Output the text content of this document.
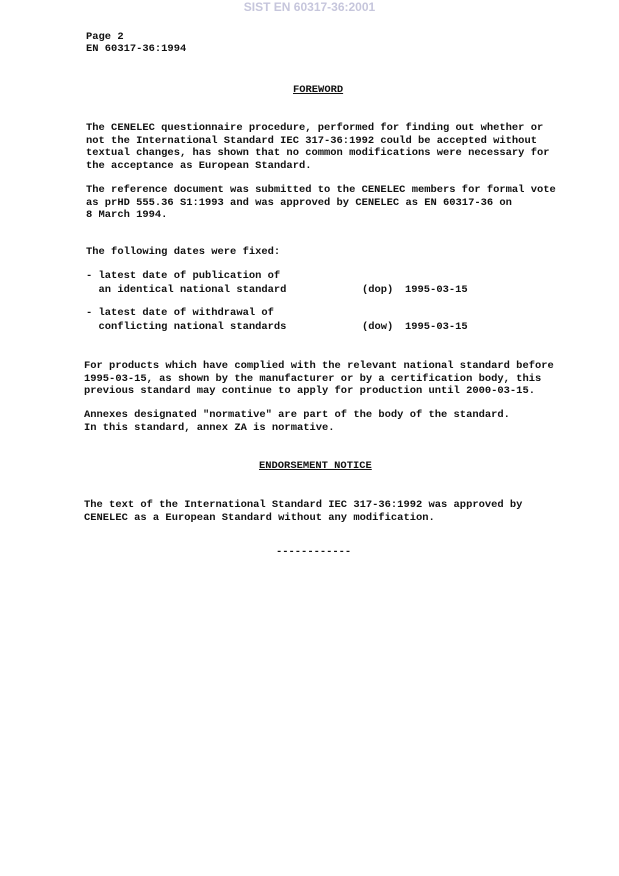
SIST EN 60317-36:2001
Page 2
EN 60317-36:1994
FOREWORD
The CENELEC questionnaire procedure, performed for finding out whether or
not the International Standard IEC 317-36:1992 could be accepted without
textual changes, has shown that no common modifications were necessary for
the acceptance as European Standard.
The reference document was submitted to the CENELEC members for formal vote
as prHD 555.36 S1:1993 and was approved by CENELEC as EN 60317-36 on
8 March 1994.
The following dates were fixed:
- latest date of publication of
an identical national standard	(dop) 1995-03-15
- latest date of withdrawal of
conflicting national standards	(dow) 1995-03-15
For products which have complied with the relevant national standard before
1995-03-15, as shown by the manufacturer or by a certification body, this
previous standard may continue to apply for production until 2000-03-15.
Annexes designated "normative" are part of the body of the standard.
In this standard, annex ZA is normative.
ENDORSEMENT NOTICE
The text of the International Standard IEC 317-36:1992 was approved by
CENELEC as a European Standard without any modification.
------------
